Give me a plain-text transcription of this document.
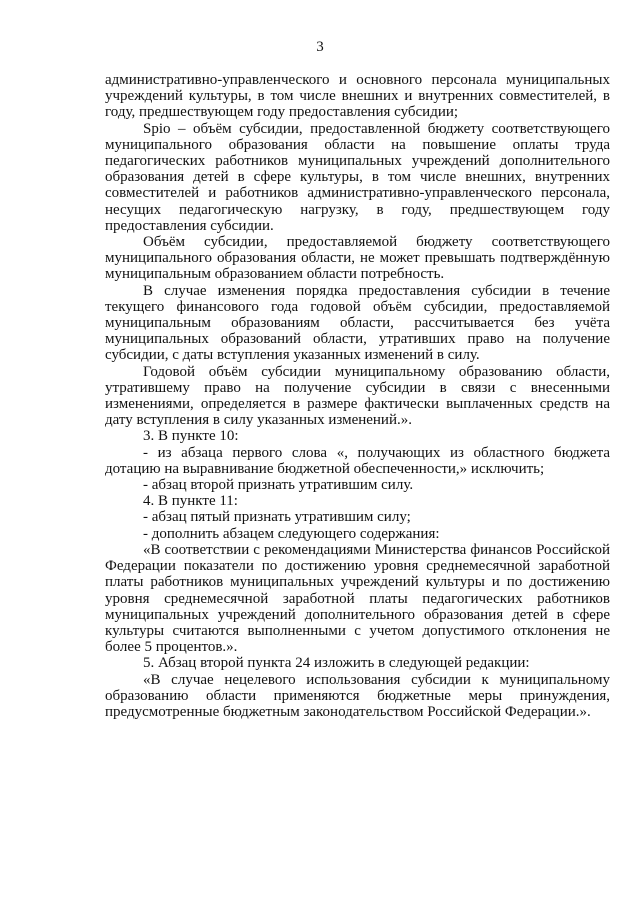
3

административно-управленческого и основного персонала муниципальных учреждений культуры, в том числе внешних и внутренних совместителей, в году, предшествующем году предоставления субсидии;

Spio – объём субсидии, предоставленной бюджету соответствующего муниципального образования области на повышение оплаты труда педагогических работников муниципальных учреждений дополнительного образования детей в сфере культуры, в том числе внешних, внутренних совместителей и работников административно-управленческого персонала, несущих педагогическую нагрузку, в году, предшествующем году предоставления субсидии.

Объём субсидии, предоставляемой бюджету соответствующего муниципального образования области, не может превышать подтверждённую муниципальным образованием области потребность.

В случае изменения порядка предоставления субсидии в течение текущего финансового года годовой объём субсидии, предоставляемой муниципальным образованиям области, рассчитывается без учёта муниципальных образований области, утративших право на получение субсидии, с даты вступления указанных изменений в силу.

Годовой объём субсидии муниципальному образованию области, утратившему право на получение субсидии в связи с внесенными изменениями, определяется в размере фактически выплаченных средств на дату вступления в силу указанных изменений.».

3. В пункте 10:

- из абзаца первого слова «, получающих из областного бюджета дотацию на выравнивание бюджетной обеспеченности,» исключить;

- абзац второй признать утратившим силу.

4. В пункте 11:

- абзац пятый признать утратившим силу;

- дополнить абзацем следующего содержания:

«В соответствии с рекомендациями Министерства финансов Российской Федерации показатели по достижению уровня среднемесячной заработной платы работников муниципальных учреждений культуры и по достижению уровня среднемесячной заработной платы педагогических работников муниципальных учреждений дополнительного образования детей в сфере культуры считаются выполненными с учетом допустимого отклонения не более 5 процентов.».

5. Абзац второй пункта 24 изложить в следующей редакции:

«В случае нецелевого использования субсидии к муниципальному образованию области применяются бюджетные меры принуждения, предусмотренные бюджетным законодательством Российской Федерации.».
